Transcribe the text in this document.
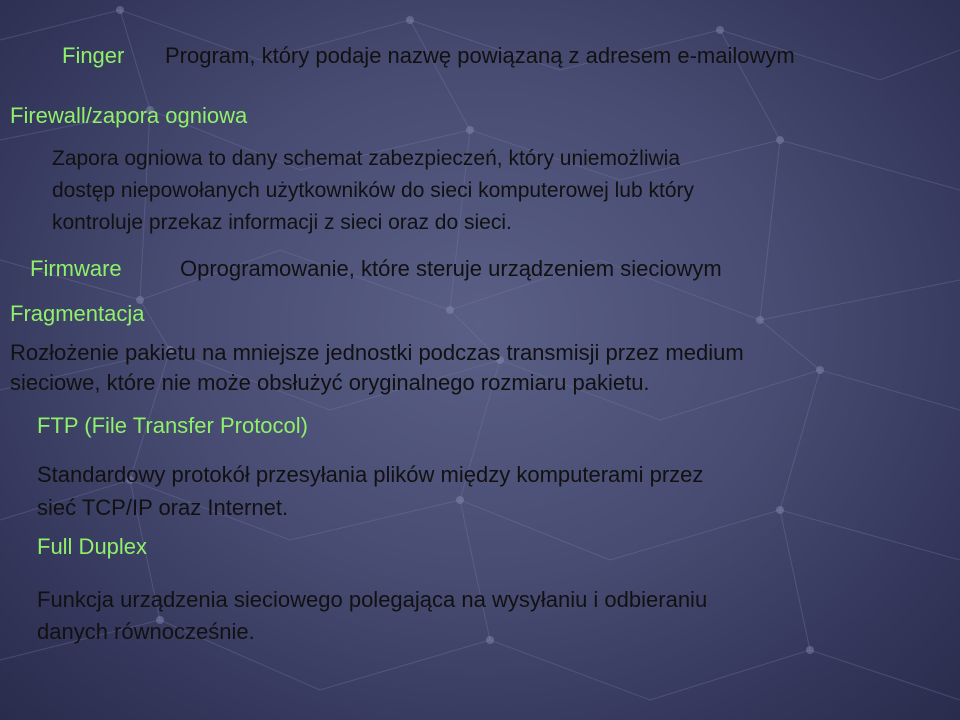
Finger Program, który podaje nazwę powiązaną z adresem e-mailowym

Firewall/zapora ogniowa

Zapora ogniowa to dany schemat zabezpieczeń, który uniemożliwia

dostęp niepowołanych użytkowników do sieci komputerowej lub który

kontroluje przekaz informacji z sieci oraz do sieci.

Firmware	Oprogramowanie, które steruje urządzeniem sieciowym

Fragmentacja

Rozłożenie pakietu na mniejsze jednostki podczas transmisji przez medium

sieciowe, które nie może obsłużyć oryginalnego rozmiaru pakietu.

FTP (File Transfer Protocol)

Standardowy protokół przesyłania plików między komputerami przez

sieć TCP/IP oraz Internet.

Full Duplex

Funkcja urządzenia sieciowego polegająca na wysyłaniu i odbieraniu

danych równocześnie.
